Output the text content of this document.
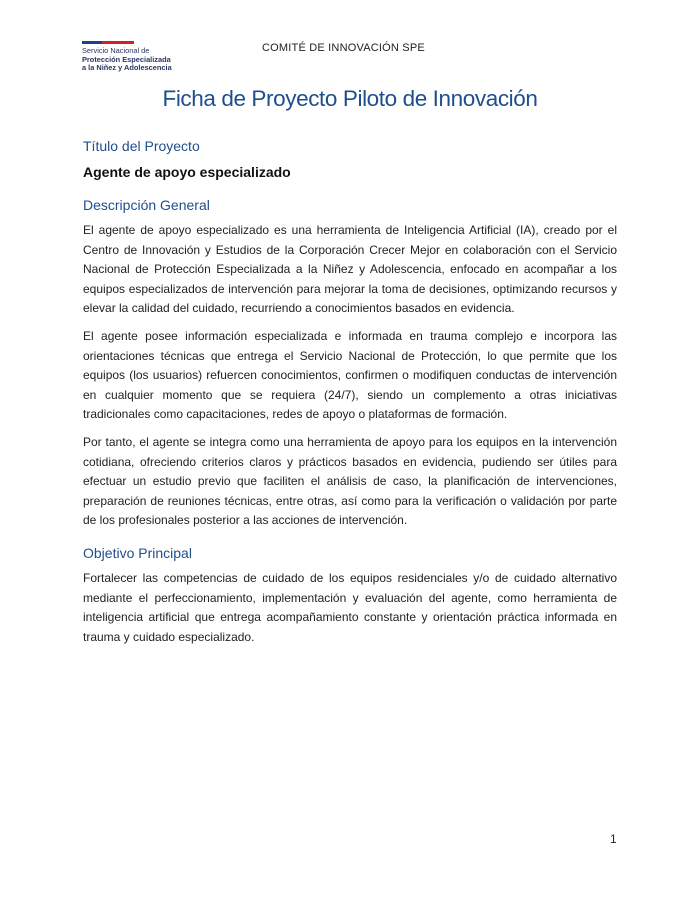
Servicio Nacional de
Protección Especializada
a la Niñez y Adolescencia
COMITÉ DE INNOVACIÓN SPE
Ficha de Proyecto Piloto de Innovación
Título del Proyecto
Agente de apoyo especializado
Descripción General

El agente de apoyo especializado es una herramienta de Inteligencia Artificial (IA), creado por el Centro de Innovación y Estudios de la Corporación Crecer Mejor en colaboración con el Servicio Nacional de Protección Especializada a la Niñez y Adolescencia, enfocado en acompañar a los equipos especializados de intervención para mejorar la toma de decisiones, optimizando recursos y elevar la calidad del cuidado, recurriendo a conocimientos basados en evidencia.

El agente posee información especializada e informada en trauma complejo e incorpora las orientaciones técnicas que entrega el Servicio Nacional de Protección, lo que permite que los equipos (los usuarios) refuercen conocimientos, confirmen o modifiquen conductas de intervención en cualquier momento que se requiera (24/7), siendo un complemento a otras iniciativas tradicionales como capacitaciones, redes de apoyo o plataformas de formación.

Por tanto, el agente se integra como una herramienta de apoyo para los equipos en la intervención cotidiana, ofreciendo criterios claros y prácticos basados en evidencia, pudiendo ser útiles para efectuar un estudio previo que faciliten el análisis de caso, la planificación de intervenciones, preparación de reuniones técnicas, entre otras, así como para la verificación o validación por parte de los profesionales posterior a las acciones de intervención.

Objetivo Principal

Fortalecer las competencias de cuidado de los equipos residenciales y/o de cuidado alternativo mediante el perfeccionamiento, implementación y evaluación del agente, como herramienta de inteligencia artificial que entrega acompañamiento constante y orientación práctica informada en trauma y cuidado especializado.

1
